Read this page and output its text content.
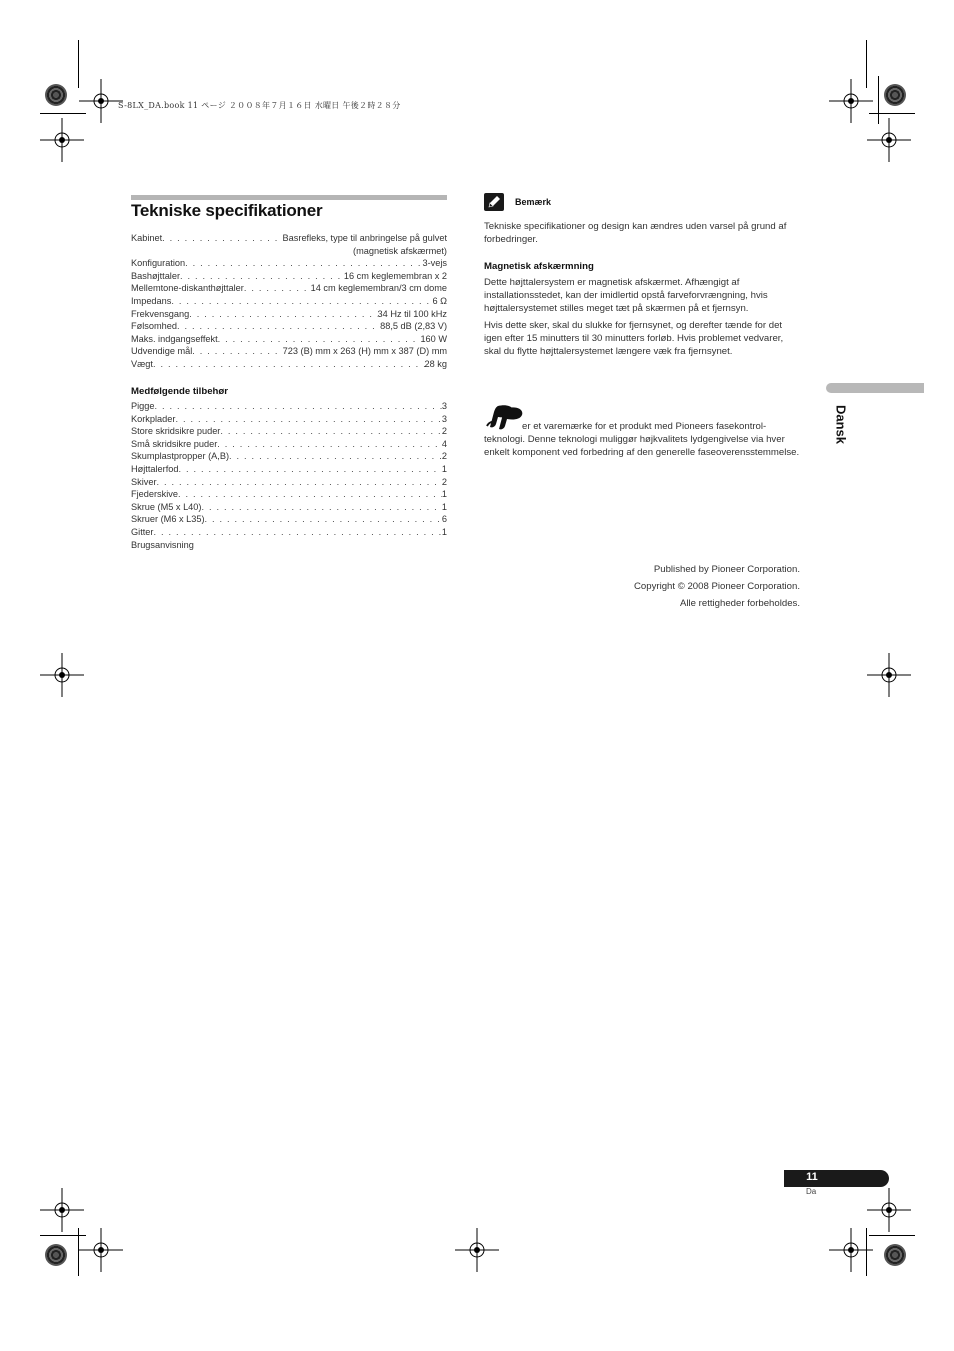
S-8LX_DA.book 11 ページ ２００８年７月１６日 水曜日 午後２時２８分
Tekniske specifikationer
Kabinet . . .	Basrefleks, type til anbringelse på gulvet
(magnetisk afskærmet)
Konfiguration . . .	3-vejs
Bashøjttaler . . .	16 cm keglemembran x 2
Mellemtone-diskanthøjttaler . . .	14 cm keglemembran/3 cm dome
Impedans . . .	6 Ω
Frekvensgang . . .	34 Hz til 100 kHz
Følsomhed . . .	88,5 dB (2,83 V)
Maks. indgangseffekt . . .	160 W
Udvendige mål . . .	723 (B) mm x 263 (H) mm x 387 (D) mm
Vægt . . .	28 kg
Medfølgende tilbehør
Pigge . . .	3
Korkplader . . .	3
Store skridsikre puder . . .	2
Små skridsikre puder . . .	4
Skumplastpropper (A,B) . . .	2
Højttalerfod . . .	1
Skiver . . .	2
Fjederskive . . .	1
Skrue (M5 x L40) . . .	1
Skruer (M6 x L35) . . .	6
Gitter . . .	1
Brugsanvisning
Bemærk

Tekniske specifikationer og design kan ændres uden varsel på grund af forbedringer.

Magnetisk afskærmning

Dette højttalersystem er magnetisk afskærmet. Afhængigt af installationsstedet, kan der imidlertid opstå farveforvrængning, hvis højttalersystemet stilles meget tæt på skærmen på et fjernsyn.

Hvis dette sker, skal du slukke for fjernsynet, og derefter tænde for det igen efter 15 minutters til 30 minutters forløb. Hvis problemet vedvarer, skal du flytte højttalersystemet længere væk fra fjernsynet.

er et varemærke for et produkt med Pioneers fasekontrol-teknologi. Denne teknologi muliggør højkvalitets lydgengivelse via hver enkelt komponent ved forbedring af den generelle faseoverensstemmelse.

Published by Pioneer Corporation.
Copyright © 2008 Pioneer Corporation.
Alle rettigheder forbeholdes.
Dansk
11
Da
